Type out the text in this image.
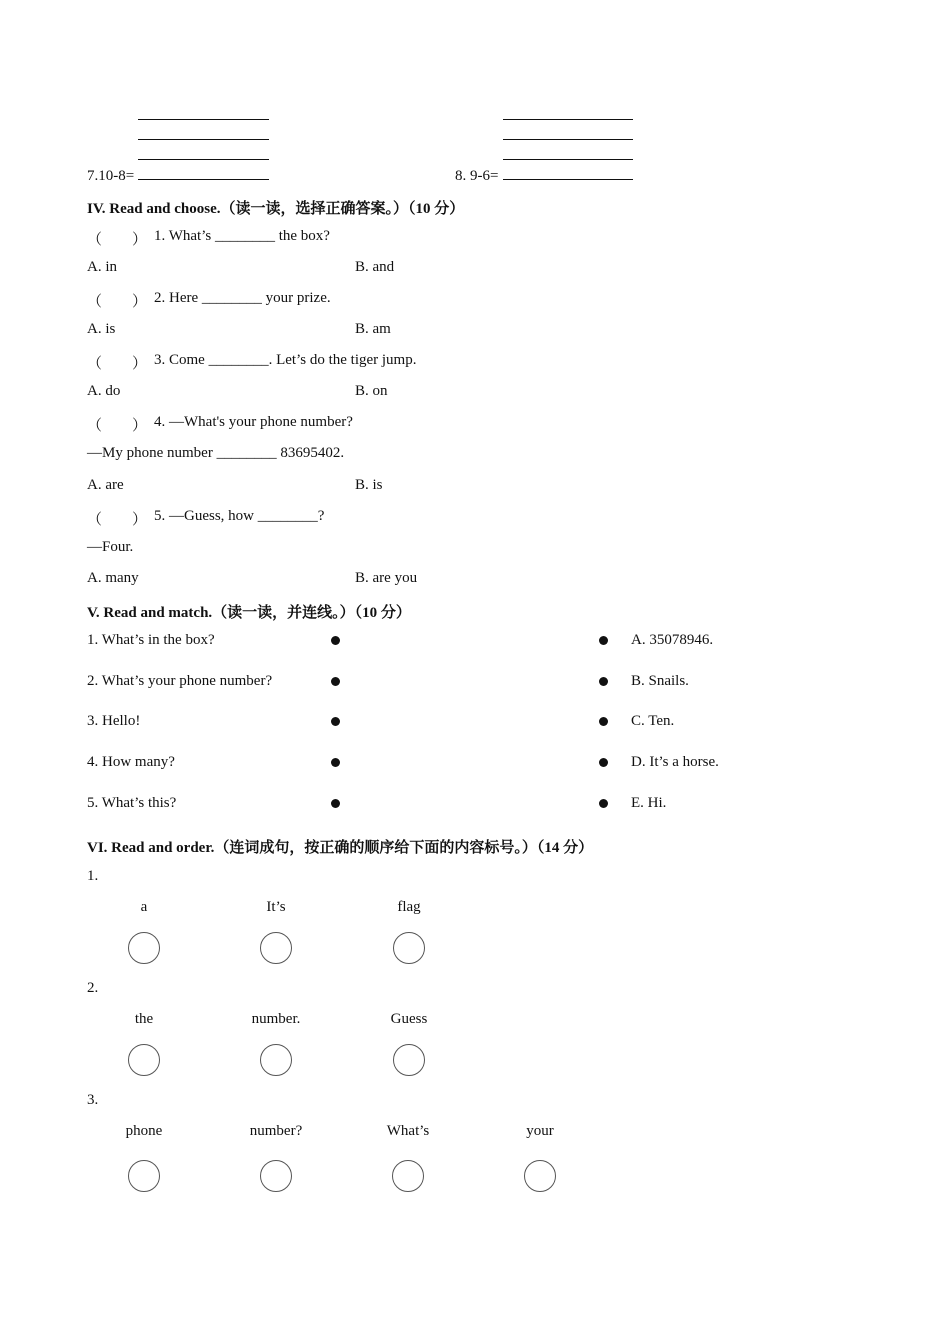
7.10-8=	8. 9-6=
IV. Read and choose.（读一读，选择正确答案。）（10 分）
（　　） 1. What’s ________ the box?
A. in	B. and
（　　） 2. Here ________ your prize.
A. is	B. am
（　　） 3. Come ________. Let’s do the tiger jump.
A. do	B. on
（　　） 4. —What's your phone number?
—My phone number ________ 83695402.
A. are	B. is
（　　） 5. —Guess, how ________?
—Four.
A. many	B. are you
V. Read and match.（读一读，并连线。）（10 分）
1. What’s in the box?	A. 35078946.
2. What’s your phone number?	B. Snails.
3. Hello!	C. Ten.
4. How many?	D. It’s a horse.
5. What’s this?	E. Hi.
VI. Read and order.（连词成句，按正确的顺序给下面的内容标号。）（14 分）
1.
a	It’s	flag
2.
the	number.	Guess
3.
phone	number?	What’s	your
